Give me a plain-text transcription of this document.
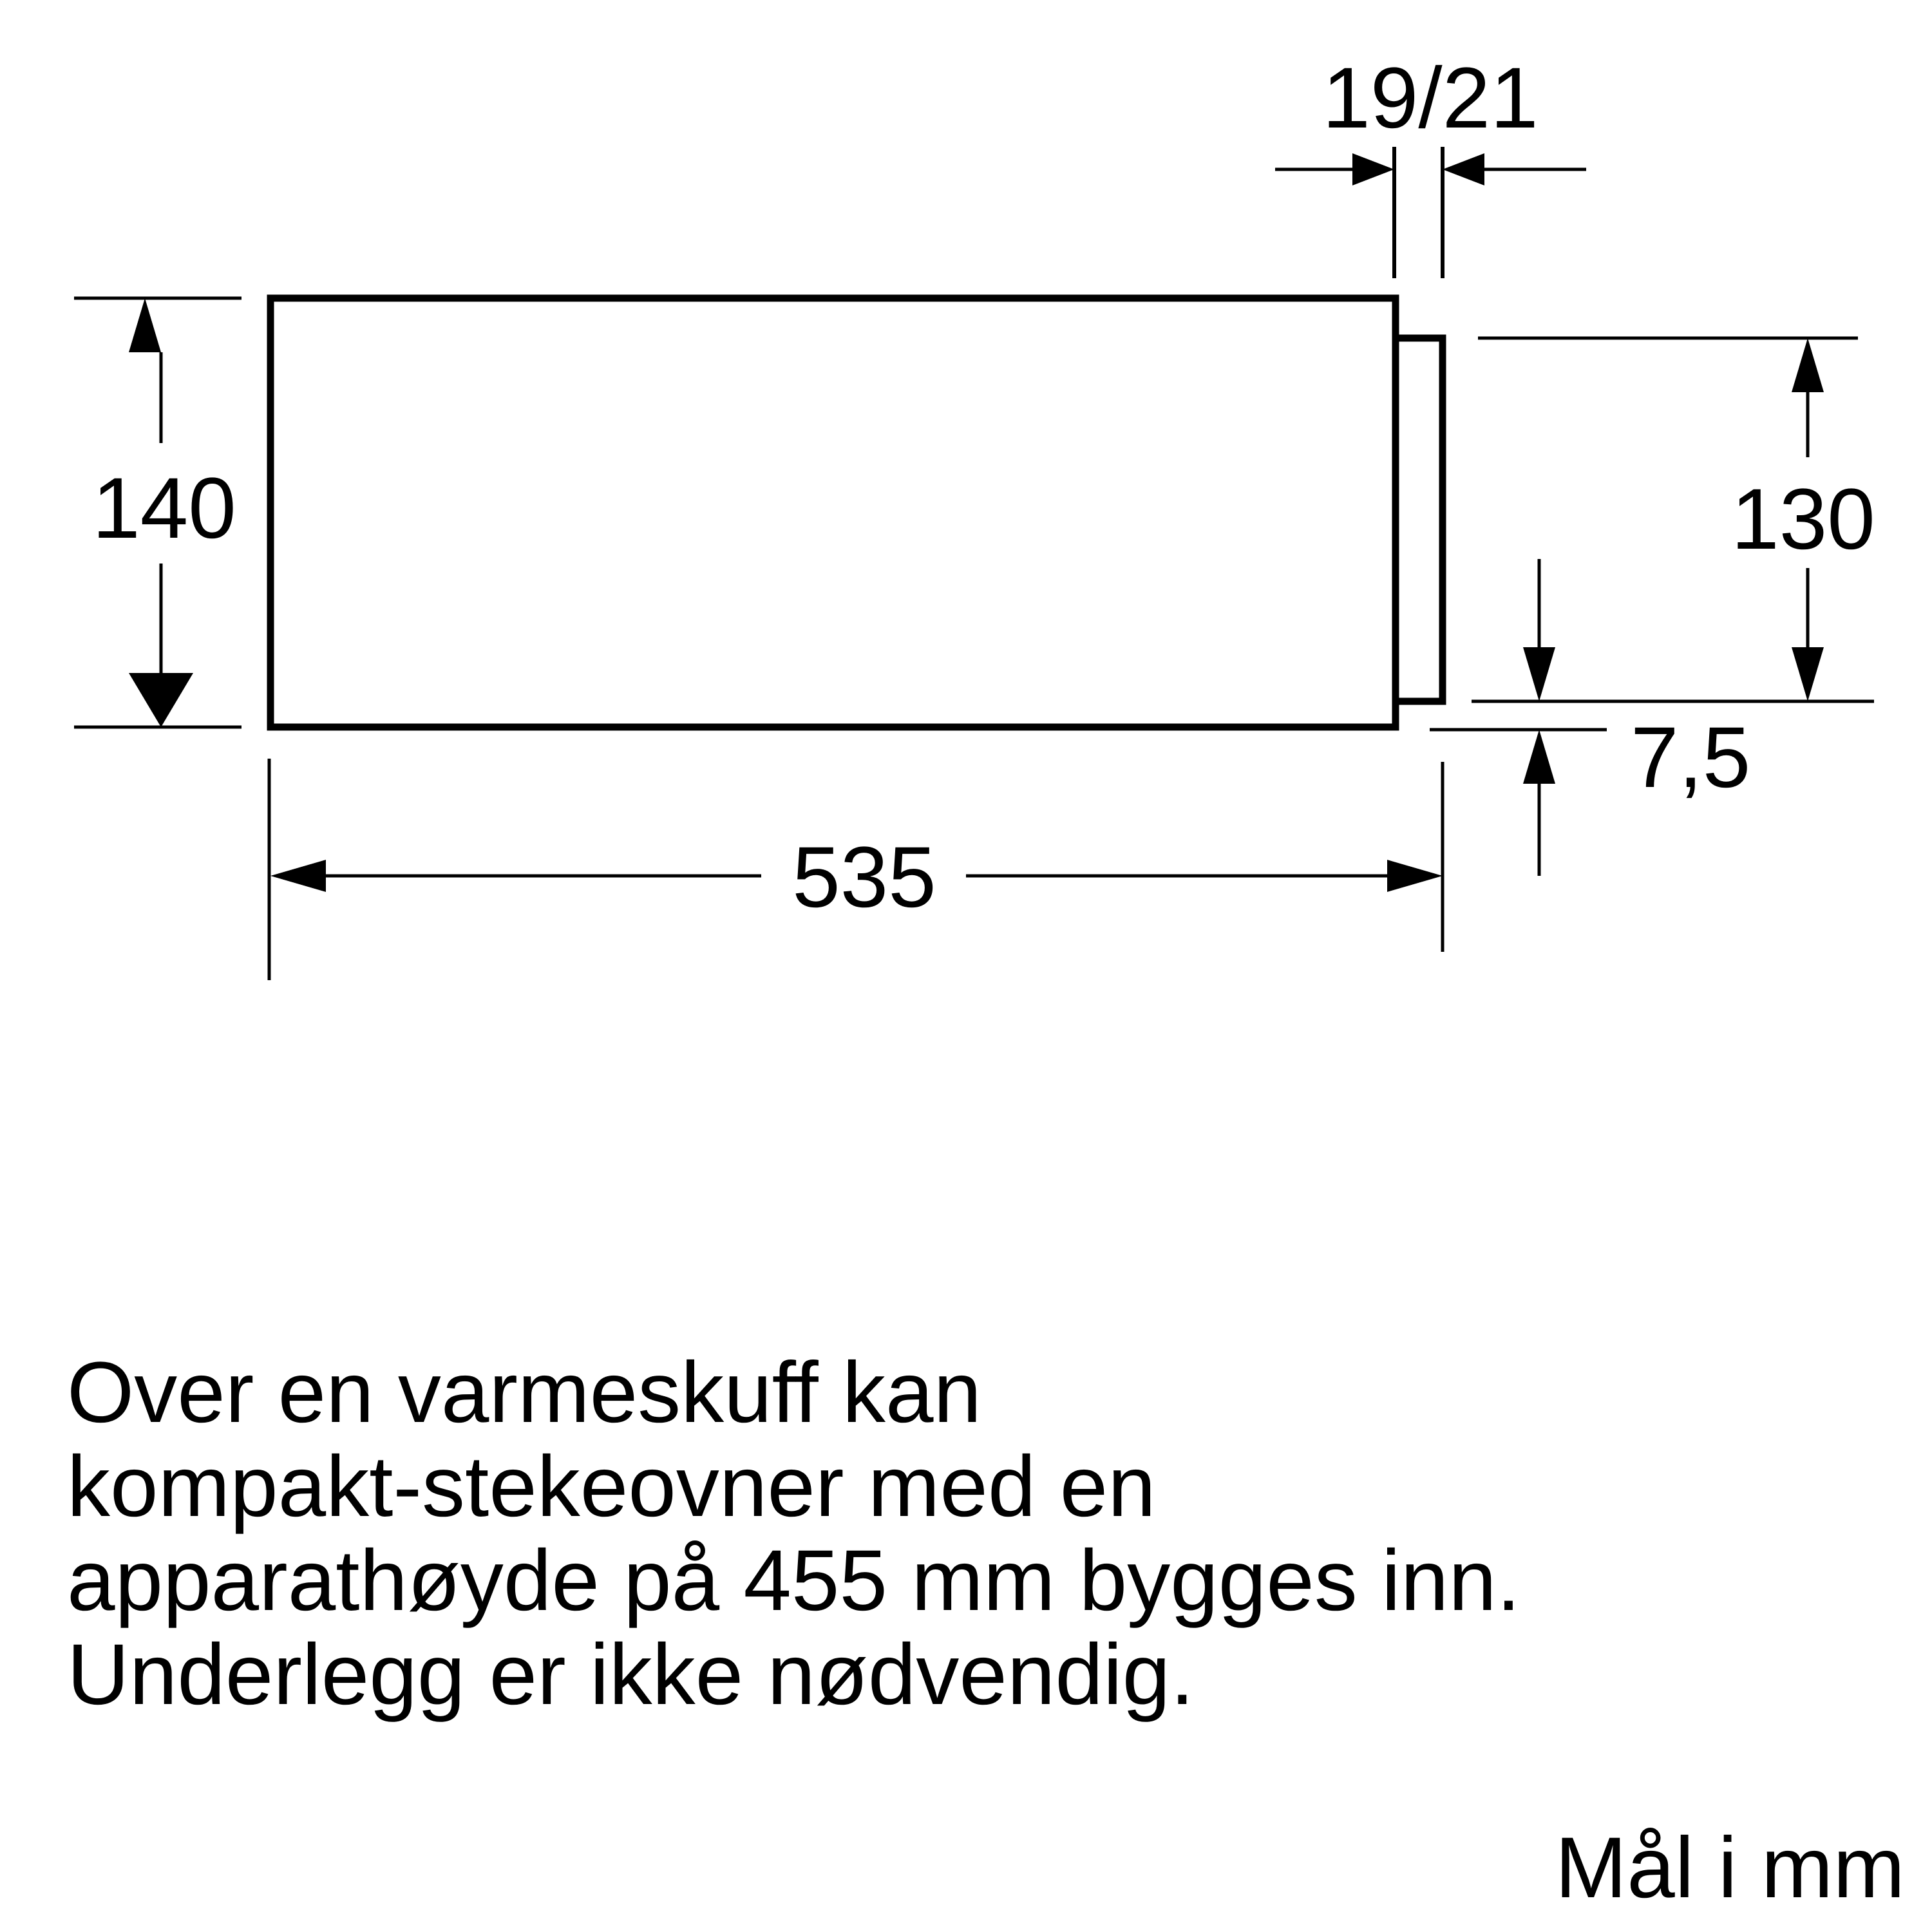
19/21
140	130
7,5
535
Over en varmeskuff kan
kompakt-stekeovner med en
apparathøyde på 455 mm bygges inn.
Underlegg er ikke nødvendig.
Mål i mm
